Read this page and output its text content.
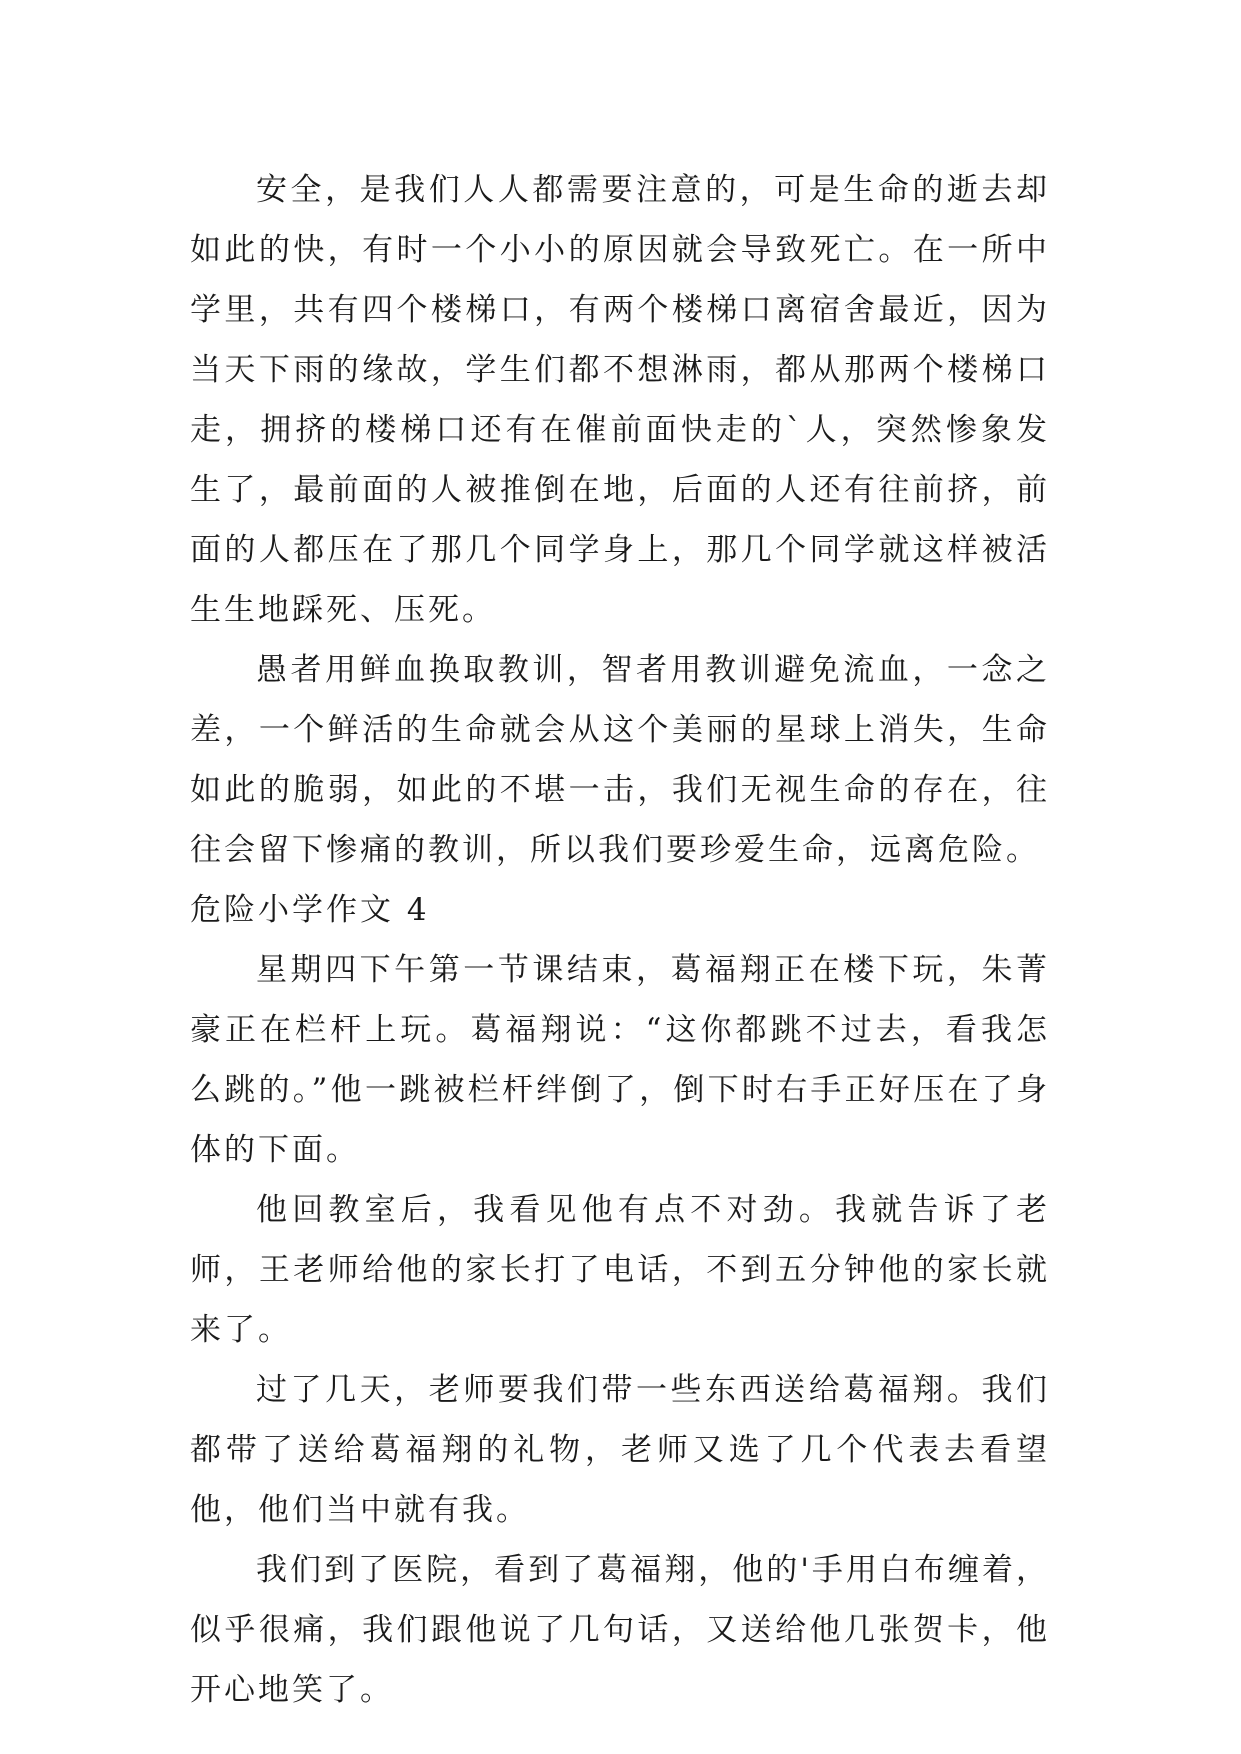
安全，是我们人人都需要注意的，可是生命的逝去却如此的快，有时一个小小的原因就会导致死亡。在一所中学里，共有四个楼梯口，有两个楼梯口离宿舍最近，因为当天下雨的缘故，学生们都不想淋雨，都从那两个楼梯口走，拥挤的楼梯口还有在催前面快走的`人，突然惨象发生了，最前面的人被推倒在地，后面的人还有往前挤，前面的人都压在了那几个同学身上，那几个同学就这样被活生生地踩死、压死。

愚者用鲜血换取教训，智者用教训避免流血，一念之差，一个鲜活的生命就会从这个美丽的星球上消失，生命如此的脆弱，如此的不堪一击，我们无视生命的存在，往往会留下惨痛的教训，所以我们要珍爱生命，远离危险。

危险小学作文 4

星期四下午第一节课结束，葛福翔正在楼下玩，朱菁豪正在栏杆上玩。葛福翔说：“这你都跳不过去，看我怎么跳的。”他一跳被栏杆绊倒了，倒下时右手正好压在了身体的下面。

他回教室后，我看见他有点不对劲。我就告诉了老师，王老师给他的家长打了电话，不到五分钟他的家长就来了。

过了几天，老师要我们带一些东西送给葛福翔。我们都带了送给葛福翔的礼物，老师又选了几个代表去看望他，他们当中就有我。

我们到了医院，看到了葛福翔，他的'手用白布缠着，似乎很痛，我们跟他说了几句话，又送给他几张贺卡，他开心地笑了。
